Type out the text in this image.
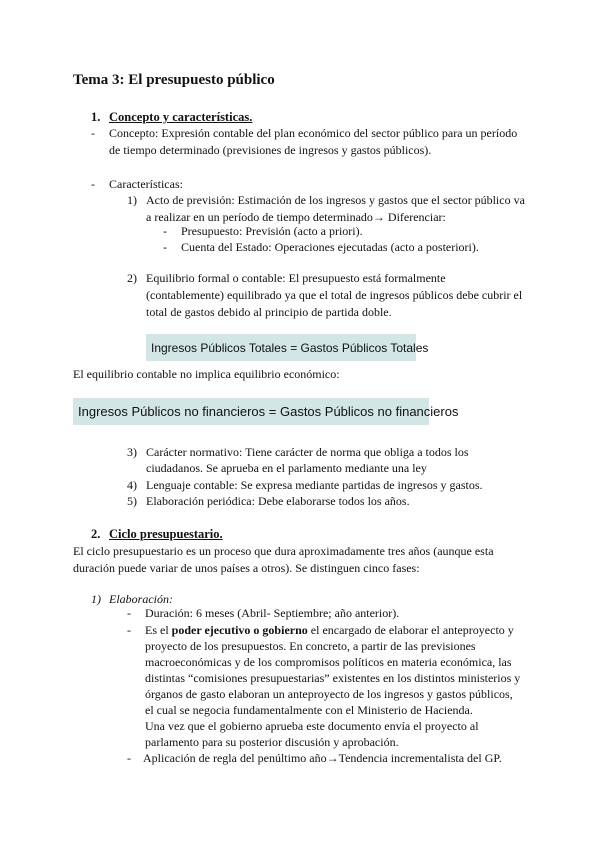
Tema 3: El presupuesto público
1. Concepto y características.
- Concepto: Expresión contable del plan económico del sector público para un período
de tiempo determinado (previsiones de ingresos y gastos públicos).
- Características:
1) Acto de previsión: Estimación de los ingresos y gastos que el sector público va
a realizar en un período de tiempo determinado→ Diferenciar:
- Presupuesto: Previsión (acto a priori).
- Cuenta del Estado: Operaciones ejecutadas (acto a posteriori).
2) Equilibrio formal o contable: El presupuesto está formalmente
(contablemente) equilibrado ya que el total de ingresos públicos debe cubrir el
total de gastos debido al principio de partida doble.
Ingresos Públicos Totales = Gastos Públicos Totales
El equilibrio contable no implica equilibrio económico:
Ingresos Públicos no financieros = Gastos Públicos no financieros
3) Carácter normativo: Tiene carácter de norma que obliga a todos los
ciudadanos. Se aprueba en el parlamento mediante una ley
4) Lenguaje contable: Se expresa mediante partidas de ingresos y gastos.
5) Elaboración periódica: Debe elaborarse todos los años.
2. Ciclo presupuestario.
El ciclo presupuestario es un proceso que dura aproximadamente tres años (aunque esta
duración puede variar de unos países a otros). Se distinguen cinco fases:
1) Elaboración:
- Duración: 6 meses (Abril- Septiembre; año anterior).
- Es el poder ejecutivo o gobierno el encargado de elaborar el anteproyecto y
proyecto de los presupuestos. En concreto, a partir de las previsiones
macroeconómicas y de los compromisos políticos en materia económica, las
distintas “comisiones presupuestarias” existentes en los distintos ministerios y
órganos de gasto elaboran un anteproyecto de los ingresos y gastos públicos,
el cual se negocia fundamentalmente con el Ministerio de Hacienda.
Una vez que el gobierno aprueba este documento envía el proyecto al
parlamento para su posterior discusión y aprobación.
- Aplicación de regla del penúltimo año→Tendencia incrementalista del GP.
